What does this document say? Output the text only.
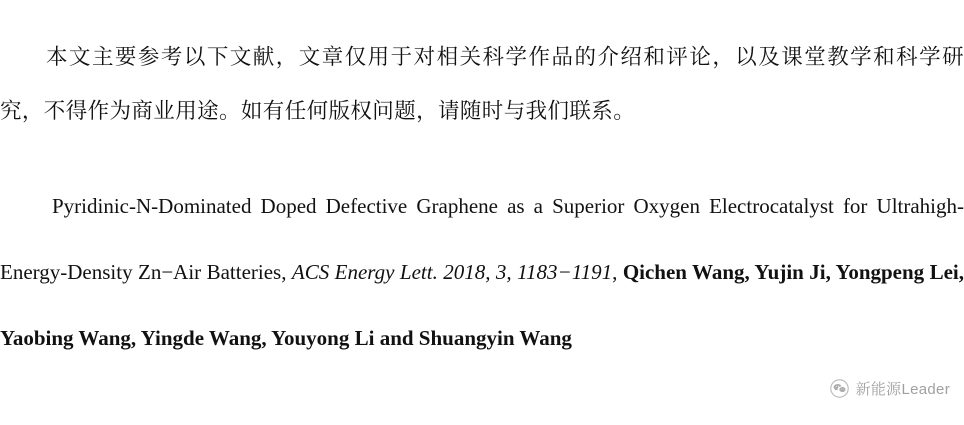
本文主要参考以下文献，文章仅用于对相关科学作品的介绍和评论，以及课堂教学和科学研究，不得作为商业用途。如有任何版权问题，请随时与我们联系。

Pyridinic-N-Dominated Doped Defective Graphene as a Superior Oxygen Electrocatalyst for Ultrahigh-Energy-Density Zn−Air Batteries, ACS Energy Lett. 2018, 3, 1183−1191, Qichen Wang, Yujin Ji, Yongpeng Lei, Yaobing Wang, Yingde Wang, Youyong Li and Shuangyin Wang

新能源Leader
